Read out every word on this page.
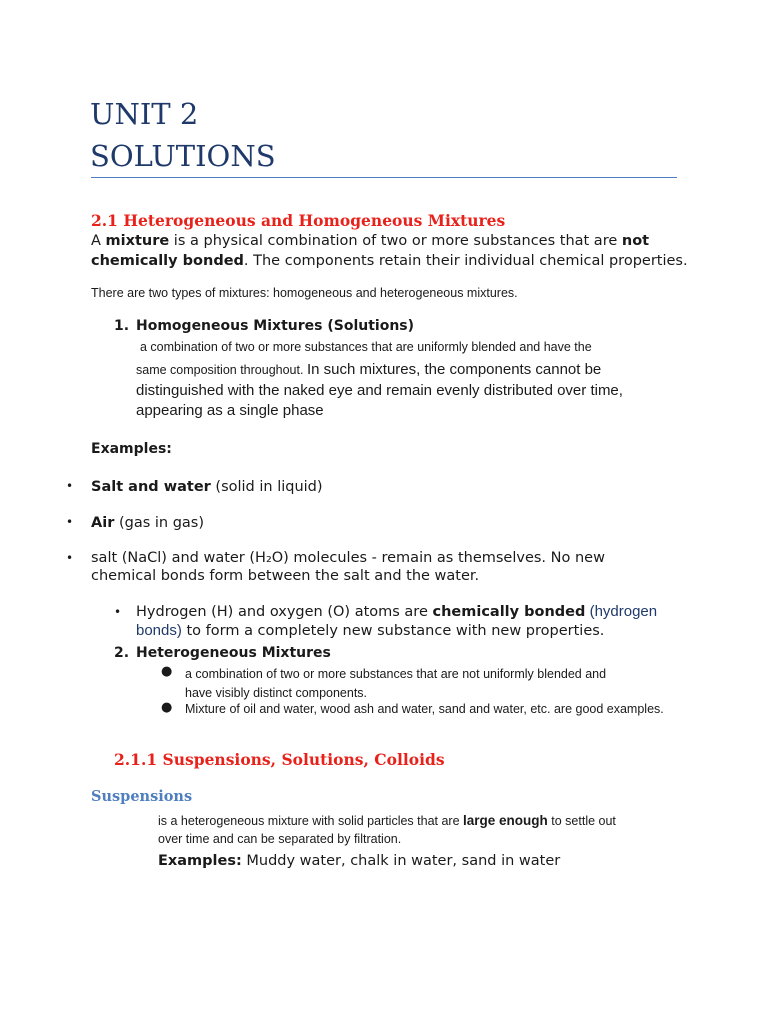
UNIT 2
SOLUTIONS
2.1 Heterogeneous and Homogeneous Mixtures
A mixture is a physical combination of two or more substances that are not
chemically bonded. The components retain their individual chemical properties.
There are two types of mixtures: homogeneous and heterogeneous mixtures.
1. Homogeneous Mixtures (Solutions)
a combination of two or more substances that are uniformly blended and have the
same composition throughout. In such mixtures, the components cannot be
distinguished with the naked eye and remain evenly distributed over time,
appearing as a single phase
Examples:
• Salt and water (solid in liquid)
• Air (gas in gas)
• salt (NaCl) and water (H₂O) molecules - remain as themselves. No new
chemical bonds form between the salt and the water.
• Hydrogen (H) and oxygen (O) atoms are chemically bonded (hydrogen
bonds) to form a completely new substance with new properties.
2. Heterogeneous Mixtures
● a combination of two or more substances that are not uniformly blended and
have visibly distinct components.
● Mixture of oil and water, wood ash and water, sand and water, etc. are good examples.
2.1.1 Suspensions, Solutions, Colloids
Suspensions
is a heterogeneous mixture with solid particles that are large enough to settle out
over time and can be separated by filtration.
Examples: Muddy water, chalk in water, sand in water
